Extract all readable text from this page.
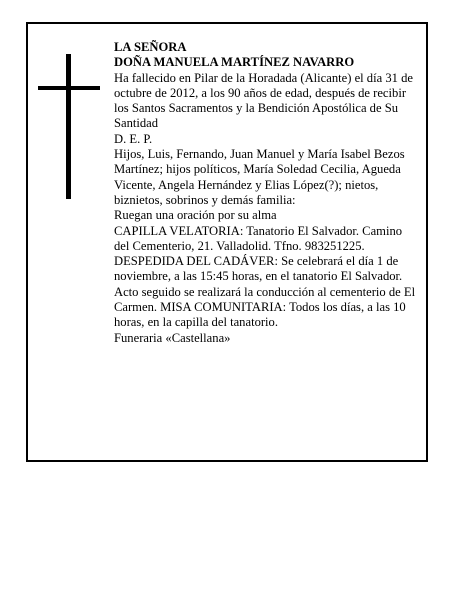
LA SEÑORA

DOÑA MANUELA MARTÍNEZ NAVARRO

Ha fallecido en Pilar de la Horadada (Alicante) el día 31 de octubre de 2012, a los 90 años de edad, después de recibir los Santos Sacramentos y la Bendición Apostólica de Su Santidad

D. E. P.

Hijos, Luis, Fernando, Juan Manuel y María Isabel Bezos Martínez; hijos políticos, María Soledad Cecilia, Agueda Vicente, Angela Hernández y Elias López(?); nietos, biznietos, sobrinos y demás familia:

Ruegan una oración por su alma

CAPILLA VELATORIA: Tanatorio El Salvador. Camino del Cementerio, 21. Valladolid. Tfno. 983251225.

DESPEDIDA DEL CADÁVER: Se celebrará el día 1 de noviembre, a las 15:45 horas, en el tanatorio El Salvador. Acto seguido se realizará la conducción al cementerio de El Carmen. MISA COMUNITARIA: Todos los días, a las 10 horas, en la capilla del tanatorio.

Funeraria «Castellana»
